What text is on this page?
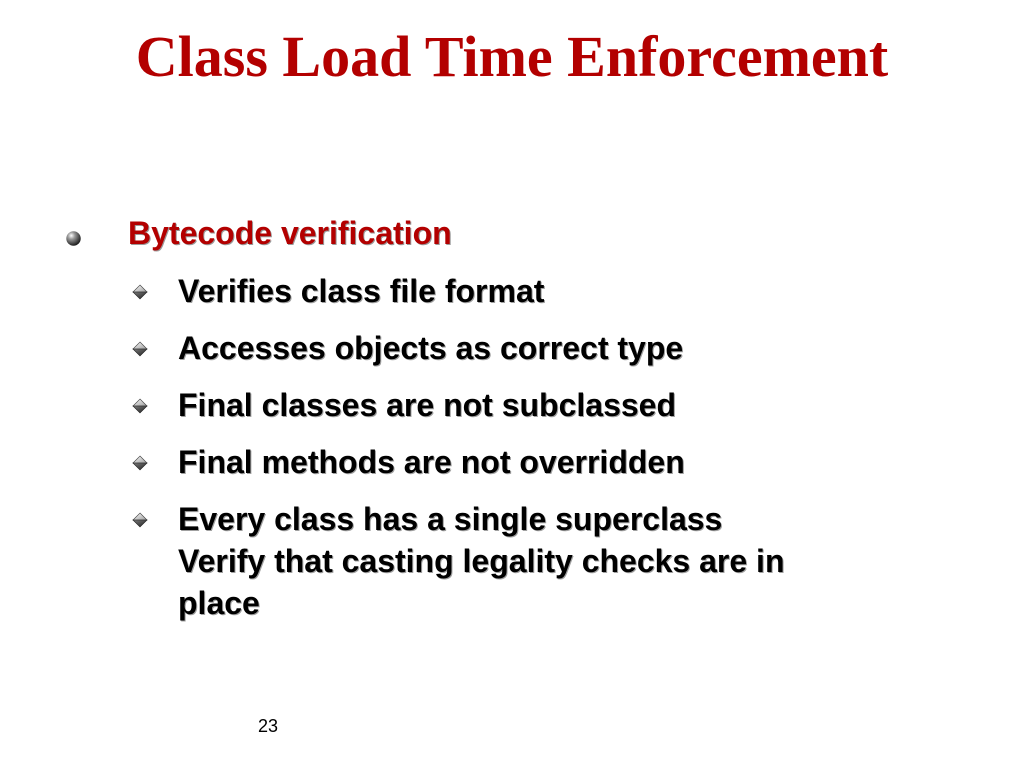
Class Load Time Enforcement
Bytecode verification
Verifies class file format
Accesses objects as correct type
Final classes are not subclassed
Final methods are not overridden
Every class has a single superclass
Verify that casting legality checks are in
place
23
